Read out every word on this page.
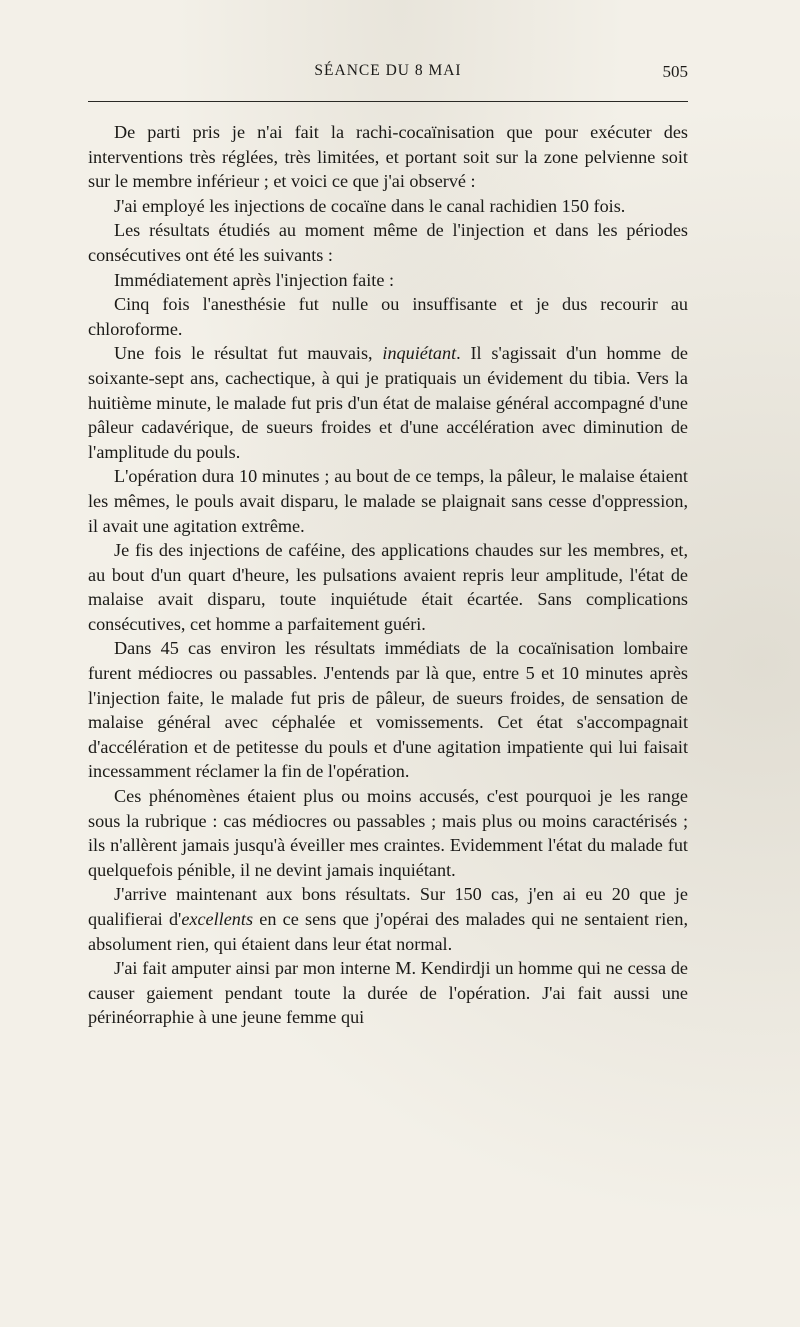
SÉANCE DU 8 MAI	505

De parti pris je n'ai fait la rachi-cocaïnisation que pour exécuter des interventions très réglées, très limitées, et portant soit sur la zone pelvienne soit sur le membre inférieur ; et voici ce que j'ai observé :

J'ai employé les injections de cocaïne dans le canal rachidien 150 fois.

Les résultats étudiés au moment même de l'injection et dans les périodes consécutives ont été les suivants :

Immédiatement après l'injection faite :

Cinq fois l'anesthésie fut nulle ou insuffisante et je dus recourir au chloroforme.

Une fois le résultat fut mauvais, inquiétant. Il s'agissait d'un homme de soixante-sept ans, cachectique, à qui je pratiquais un évidement du tibia. Vers la huitième minute, le malade fut pris d'un état de malaise général accompagné d'une pâleur cadavérique, de sueurs froides et d'une accélération avec diminution de l'amplitude du pouls.

L'opération dura 10 minutes ; au bout de ce temps, la pâleur, le malaise étaient les mêmes, le pouls avait disparu, le malade se plaignait sans cesse d'oppression, il avait une agitation extrême.

Je fis des injections de caféine, des applications chaudes sur les membres, et, au bout d'un quart d'heure, les pulsations avaient repris leur amplitude, l'état de malaise avait disparu, toute inquiétude était écartée. Sans complications consécutives, cet homme a parfaitement guéri.

Dans 45 cas environ les résultats immédiats de la cocaïnisation lombaire furent médiocres ou passables. J'entends par là que, entre 5 et 10 minutes après l'injection faite, le malade fut pris de pâleur, de sueurs froides, de sensation de malaise général avec céphalée et vomissements. Cet état s'accompagnait d'accélération et de petitesse du pouls et d'une agitation impatiente qui lui faisait incessamment réclamer la fin de l'opération.

Ces phénomènes étaient plus ou moins accusés, c'est pourquoi je les range sous la rubrique : cas médiocres ou passables ; mais plus ou moins caractérisés ; ils n'allèrent jamais jusqu'à éveiller mes craintes. Evidemment l'état du malade fut quelquefois pénible, il ne devint jamais inquiétant.

J'arrive maintenant aux bons résultats. Sur 150 cas, j'en ai eu 20 que je qualifierai d'excellents en ce sens que j'opérai des malades qui ne sentaient rien, absolument rien, qui étaient dans leur état normal.

J'ai fait amputer ainsi par mon interne M. Kendirdji un homme qui ne cessa de causer gaiement pendant toute la durée de l'opération. J'ai fait aussi une périnéorraphie à une jeune femme qui
